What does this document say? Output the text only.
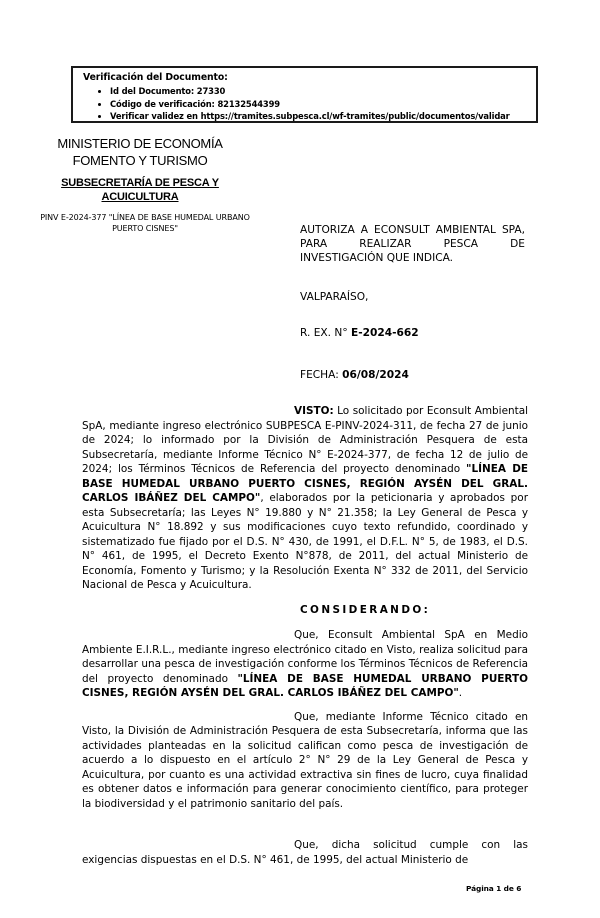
Verificación del Documento:
• Id del Documento: 27330
• Código de verificación: 82132544399
• Verificar validez en https://tramites.subpesca.cl/wf-tramites/public/documentos/validar
MINISTERIO DE ECONOMÍA
FOMENTO Y TURISMO
SUBSECRETARÍA DE PESCA Y ACUICULTURA
PINV E-2024-377 "LÍNEA DE BASE HUMEDAL URBANO PUERTO CISNES"	AUTORIZA A ECONSULT AMBIENTAL SPA, PARA REALIZAR PESCA DE INVESTIGACIÓN QUE INDICA.
VALPARAÍSO,
R. EX. N° E-2024-662
FECHA: 06/08/2024

VISTO: Lo solicitado por Econsult Ambiental SpA, mediante ingreso electrónico SUBPESCA E-PINV-2024-311, de fecha 27 de junio de 2024; lo informado por la División de Administración Pesquera de esta Subsecretaría, mediante Informe Técnico N° E-2024-377, de fecha 12 de julio de 2024; los Términos Técnicos de Referencia del proyecto denominado "LÍNEA DE BASE HUMEDAL URBANO PUERTO CISNES, REGIÓN AYSÉN DEL GRAL. CARLOS IBÁÑEZ DEL CAMPO", elaborados por la peticionaria y aprobados por esta Subsecretaría; las Leyes N° 19.880 y N° 21.358; la Ley General de Pesca y Acuicultura N° 18.892 y sus modificaciones cuyo texto refundido, coordinado y sistematizado fue fijado por el D.S. N° 430, de 1991, el D.F.L. N° 5, de 1983, el D.S. N° 461, de 1995, el Decreto Exento N°878, de 2011, del actual Ministerio de Economía, Fomento y Turismo; y la Resolución Exenta N° 332 de 2011, del Servicio Nacional de Pesca y Acuicultura.

CONSIDERANDO:

Que, Econsult Ambiental SpA en Medio Ambiente E.I.R.L., mediante ingreso electrónico citado en Visto, realiza solicitud para desarrollar una pesca de investigación conforme los Términos Técnicos de Referencia del proyecto denominado "LÍNEA DE BASE HUMEDAL URBANO PUERTO CISNES, REGIÓN AYSÉN DEL GRAL. CARLOS IBÁÑEZ DEL CAMPO".

Que, mediante Informe Técnico citado en Visto, la División de Administración Pesquera de esta Subsecretaría, informa que las actividades planteadas en la solicitud califican como pesca de investigación de acuerdo a lo dispuesto en el artículo 2° N° 29 de la Ley General de Pesca y Acuicultura, por cuanto es una actividad extractiva sin fines de lucro, cuya finalidad es obtener datos e información para generar conocimiento científico, para proteger la biodiversidad y el patrimonio sanitario del país.

Que, dicha solicitud cumple con las exigencias dispuestas en el D.S. N° 461, de 1995, del actual Ministerio de

Página 1 de 6
